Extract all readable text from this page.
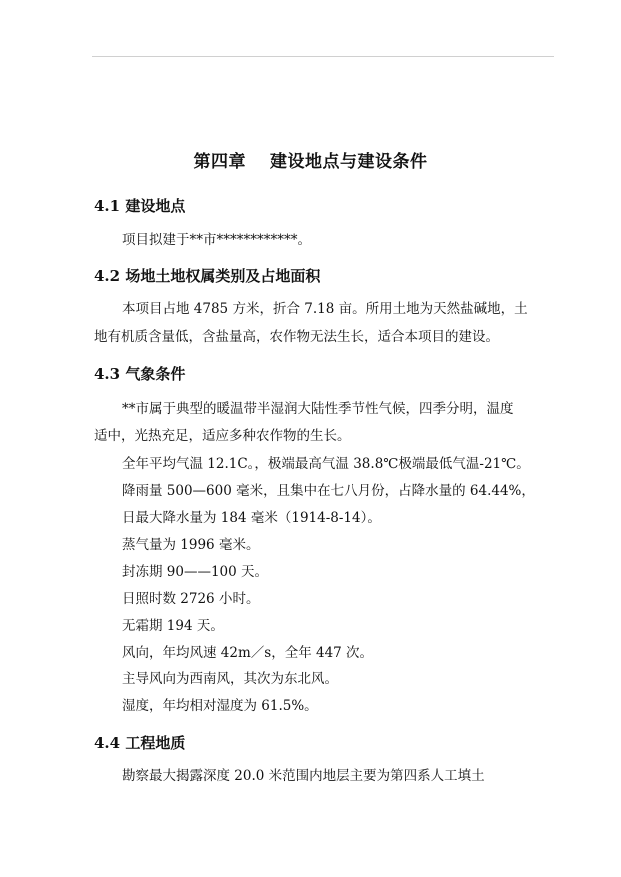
第四章　 建设地点与建设条件
4.1 建设地点
项目拟建于**市************。
4.2 场地土地权属类别及占地面积
本项目占地 4785 方米，折合 7.18 亩。所用土地为天然盐碱地，土
地有机质含量低，含盐量高，农作物无法生长，适合本项目的建设。
4.3 气象条件
**市属于典型的暖温带半湿润大陆性季节性气候，四季分明，温度
适中，光热充足，适应多种农作物的生长。
全年平均气温 12.1C。，极端最高气温 38.8℃极端最低气温-21℃。
降雨量 500—600 毫米，且集中在七八月份，占降水量的 64.44%，
日最大降水量为 184 毫米（1914-8-14）。
蒸气量为 1996 毫米。
封冻期 90——100 天。
日照时数 2726 小时。
无霜期 194 天。
风向，年均风速 42m／s，全年 447 次。
主导风向为西南风，其次为东北风。
湿度，年均相对湿度为 61.5%。
4.4 工程地质
勘察最大揭露深度 20.0 米范围内地层主要为第四系人工填土
